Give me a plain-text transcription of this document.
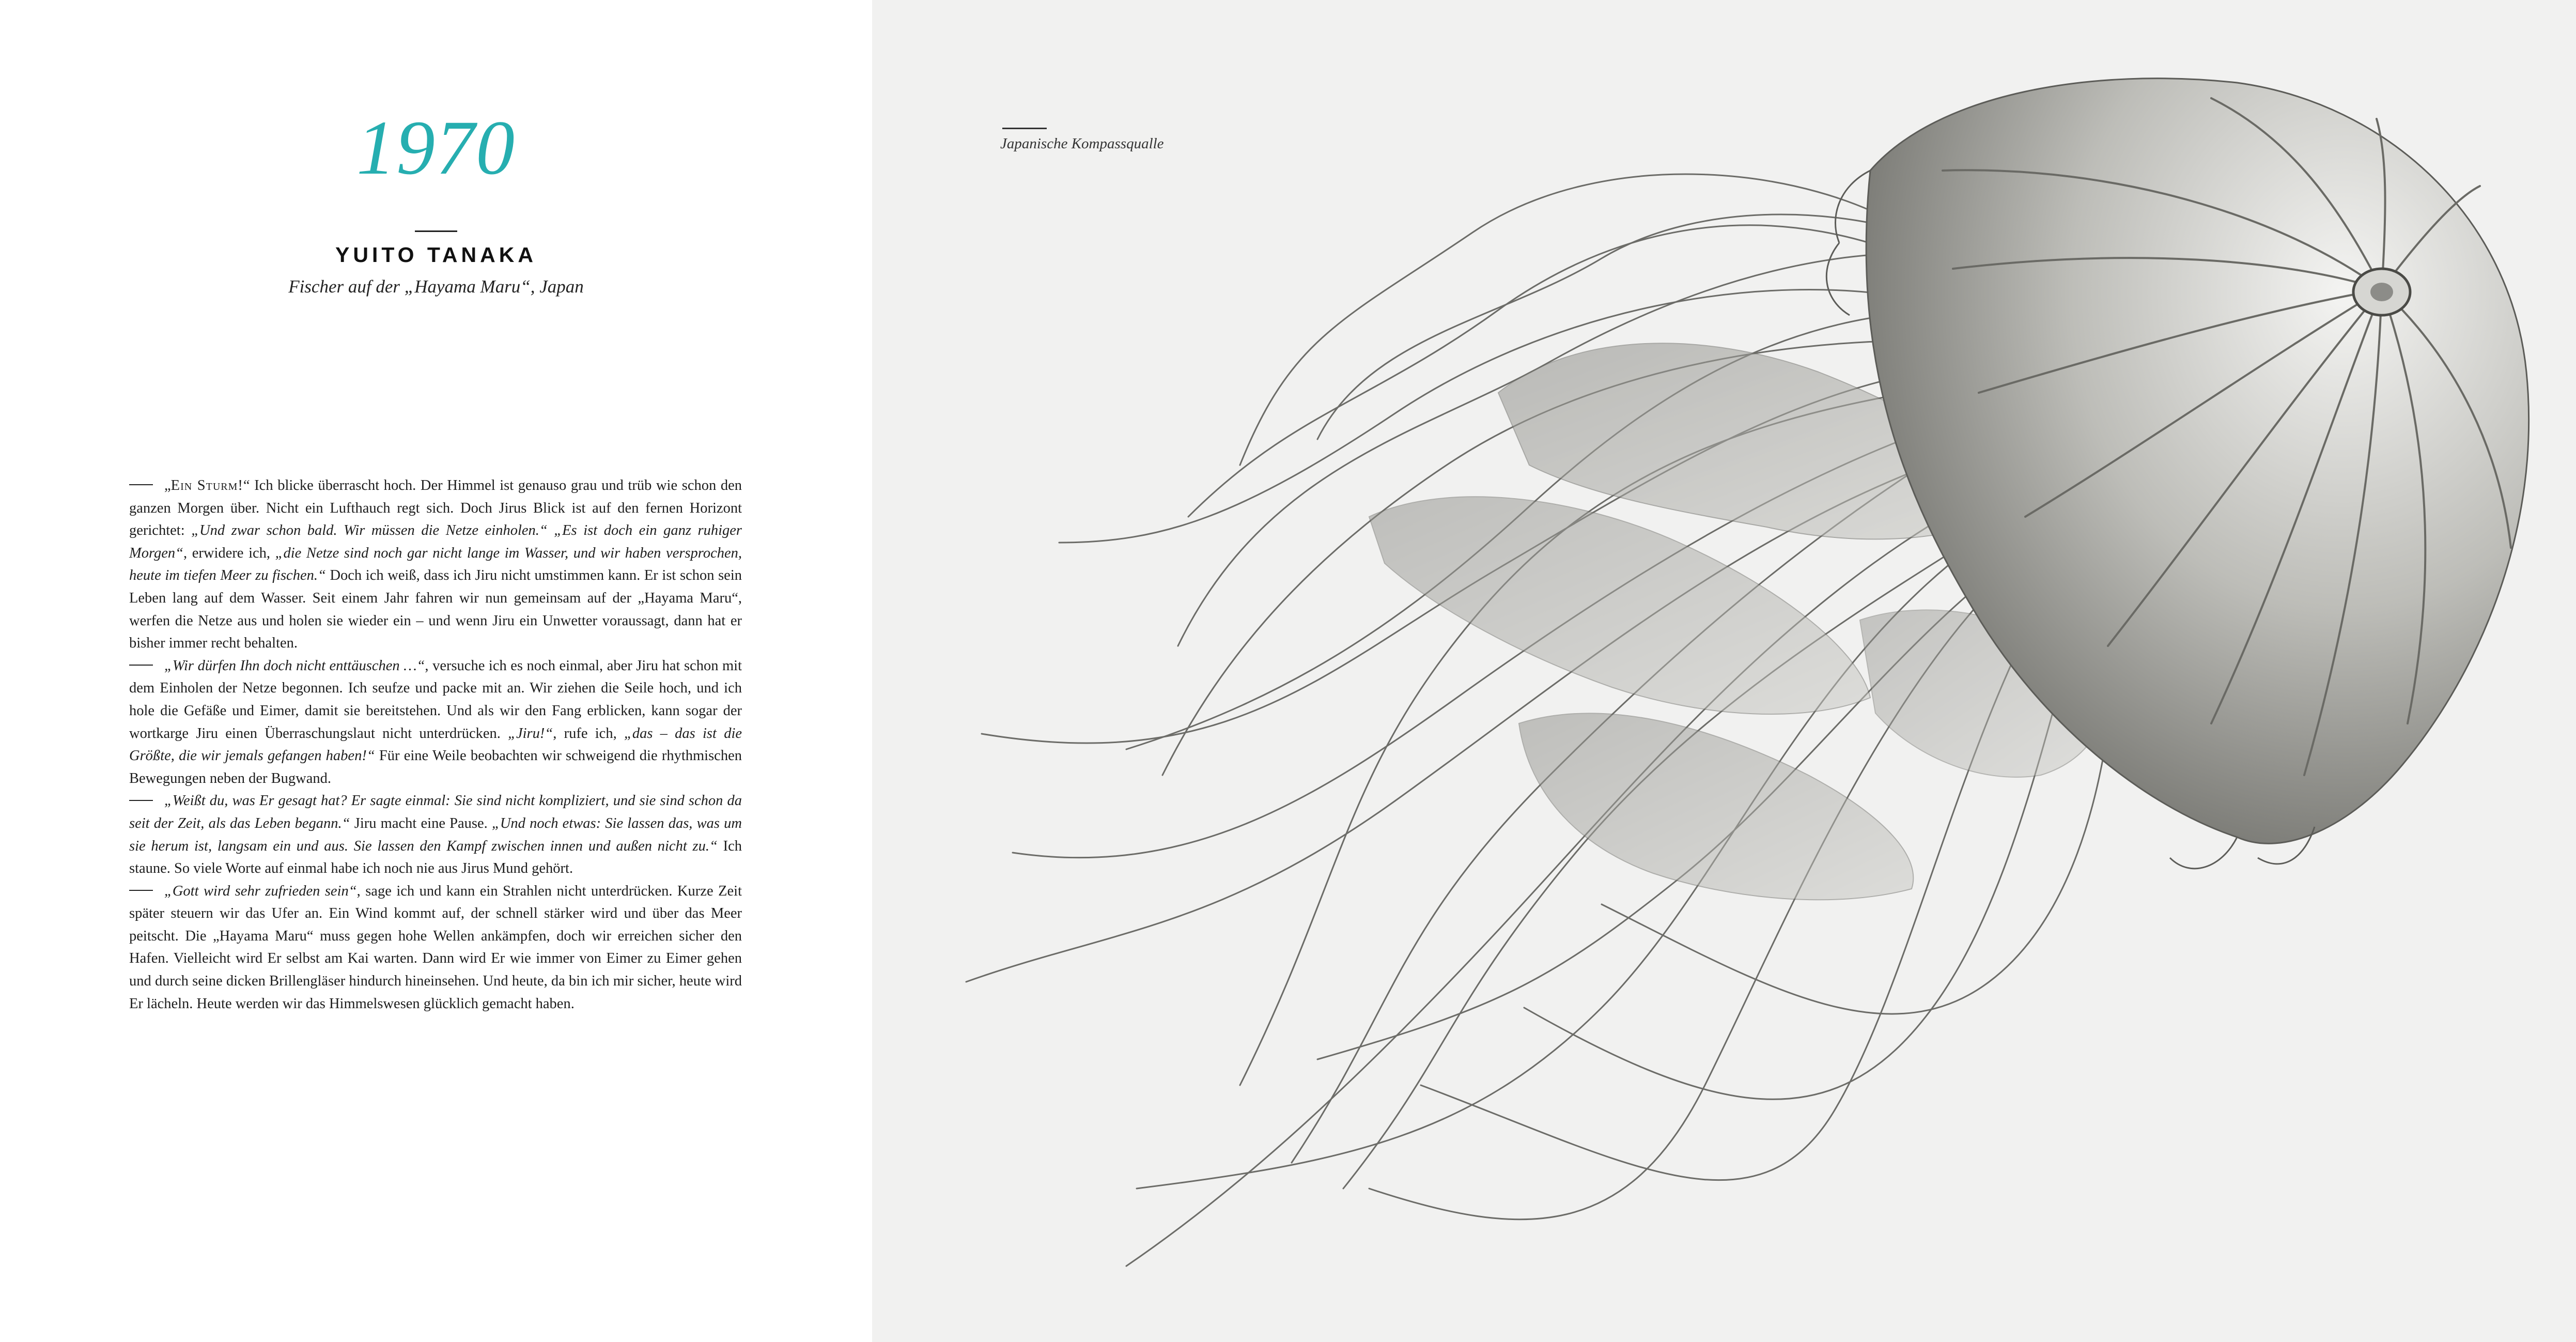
1970
YUITO TANAKA
Fischer auf der „Hayama Maru“, Japan

„Ein Sturm!“ Ich blicke überrascht hoch. Der Himmel ist genauso grau und trüb wie schon den ganzen Morgen über. Nicht ein Lufthauch regt sich. Doch Jirus Blick ist auf den fernen Horizont gerichtet: „Und zwar schon bald. Wir müssen die Netze einholen.“ „Es ist doch ein ganz ruhiger Morgen“, erwidere ich, „die Netze sind noch gar nicht lange im Wasser, und wir haben versprochen, heute im tiefen Meer zu fischen.“ Doch ich weiß, dass ich Jiru nicht umstimmen kann. Er ist schon sein Leben lang auf dem Wasser. Seit einem Jahr fahren wir nun gemeinsam auf der „Hayama Maru“, werfen die Netze aus und holen sie wieder ein – und wenn Jiru ein Unwetter voraussagt, dann hat er bisher immer recht behalten.

„Wir dürfen Ihn doch nicht enttäuschen …“, versuche ich es noch einmal, aber Jiru hat schon mit dem Einholen der Netze begonnen. Ich seufze und packe mit an. Wir ziehen die Seile hoch, und ich hole die Gefäße und Eimer, damit sie bereitstehen. Und als wir den Fang erblicken, kann sogar der wortkarge Jiru einen Überraschungslaut nicht unterdrücken. „Jiru!“, rufe ich, „das – das ist die Größte, die wir jemals gefangen haben!“ Für eine Weile beobachten wir schweigend die rhythmischen Bewegungen neben der Bugwand.

„Weißt du, was Er gesagt hat? Er sagte einmal: Sie sind nicht kompliziert, und sie sind schon da seit der Zeit, als das Leben begann.“ Jiru macht eine Pause. „Und noch etwas: Sie lassen das, was um sie herum ist, langsam ein und aus. Sie lassen den Kampf zwischen innen und außen nicht zu.“ Ich staune. So viele Worte auf einmal habe ich noch nie aus Jirus Mund gehört.

„Gott wird sehr zufrieden sein“, sage ich und kann ein Strahlen nicht unterdrücken. Kurze Zeit später steuern wir das Ufer an. Ein Wind kommt auf, der schnell stärker wird und über das Meer peitscht. Die „Hayama Maru“ muss gegen hohe Wellen ankämpfen, doch wir erreichen sicher den Hafen. Vielleicht wird Er selbst am Kai warten. Dann wird Er wie immer von Eimer zu Eimer gehen und durch seine dicken Brillengläser hindurch hineinsehen. Und heute, da bin ich mir sicher, heute wird Er lächeln. Heute werden wir das Himmelswesen glücklich gemacht haben.

Japanische Kompassqualle
